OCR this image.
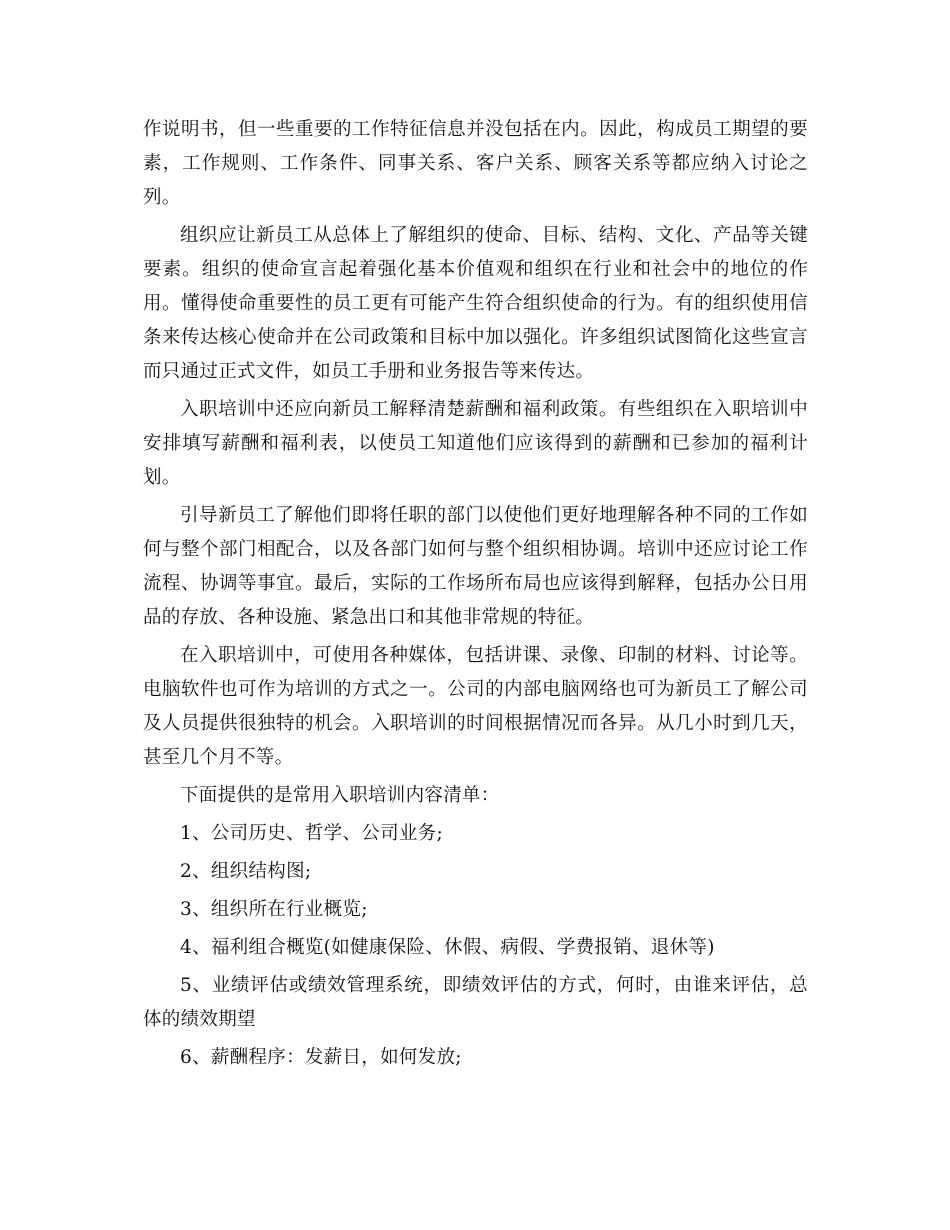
作说明书，但一些重要的工作特征信息并没包括在内。因此，构成员工期望的要素，工作规则、工作条件、同事关系、客户关系、顾客关系等都应纳入讨论之列。

组织应让新员工从总体上了解组织的使命、目标、结构、文化、产品等关键要素。组织的使命宣言起着强化基本价值观和组织在行业和社会中的地位的作用。懂得使命重要性的员工更有可能产生符合组织使命的行为。有的组织使用信条来传达核心使命并在公司政策和目标中加以强化。许多组织试图简化这些宣言而只通过正式文件，如员工手册和业务报告等来传达。

入职培训中还应向新员工解释清楚薪酬和福利政策。有些组织在入职培训中安排填写薪酬和福利表，以使员工知道他们应该得到的薪酬和已参加的福利计划。

引导新员工了解他们即将任职的部门以使他们更好地理解各种不同的工作如何与整个部门相配合，以及各部门如何与整个组织相协调。培训中还应讨论工作流程、协调等事宜。最后，实际的工作场所布局也应该得到解释，包括办公日用品的存放、各种设施、紧急出口和其他非常规的特征。

在入职培训中，可使用各种媒体，包括讲课、录像、印制的材料、讨论等。电脑软件也可作为培训的方式之一。公司的内部电脑网络也可为新员工了解公司及人员提供很独特的机会。入职培训的时间根据情况而各异。从几小时到几天，甚至几个月不等。

下面提供的是常用入职培训内容清单：

1、公司历史、哲学、公司业务;

2、组织结构图;

3、组织所在行业概览;

4、福利组合概览(如健康保险、休假、病假、学费报销、退休等)

5、业绩评估或绩效管理系统，即绩效评估的方式，何时，由谁来评估，总体的绩效期望

6、薪酬程序：发薪日，如何发放;
